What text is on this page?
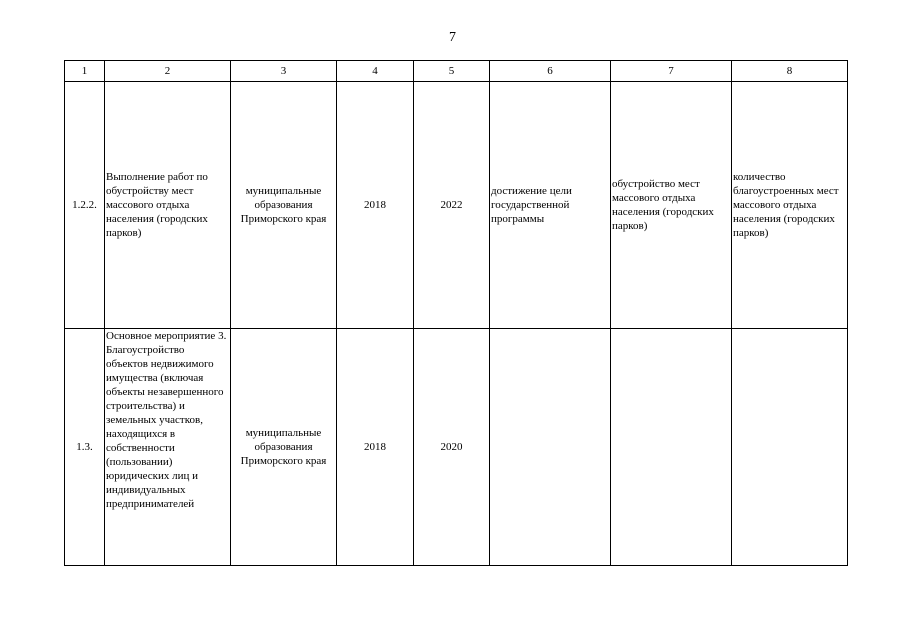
7
1	2	3	4	5	6	7	8
1.2.2.	Выполнение работ по обустройству мест массового отдыха населения (городских парков)	муниципальные образования Приморского края	2018	2022	достижение цели государственной программы	обустройство мест массового отдыха населения (городских парков)	количество благоустроенных мест массового отдыха населения (городских парков)
1.3.	Основное мероприятие 3. Благоустройство объектов недвижимого имущества (включая объекты незавершенного строительства) и земельных участков, находящихся в собственности (пользовании) юридических лиц и индивидуальных предпринимателей	муниципальные образования Приморского края	2018	2020			
